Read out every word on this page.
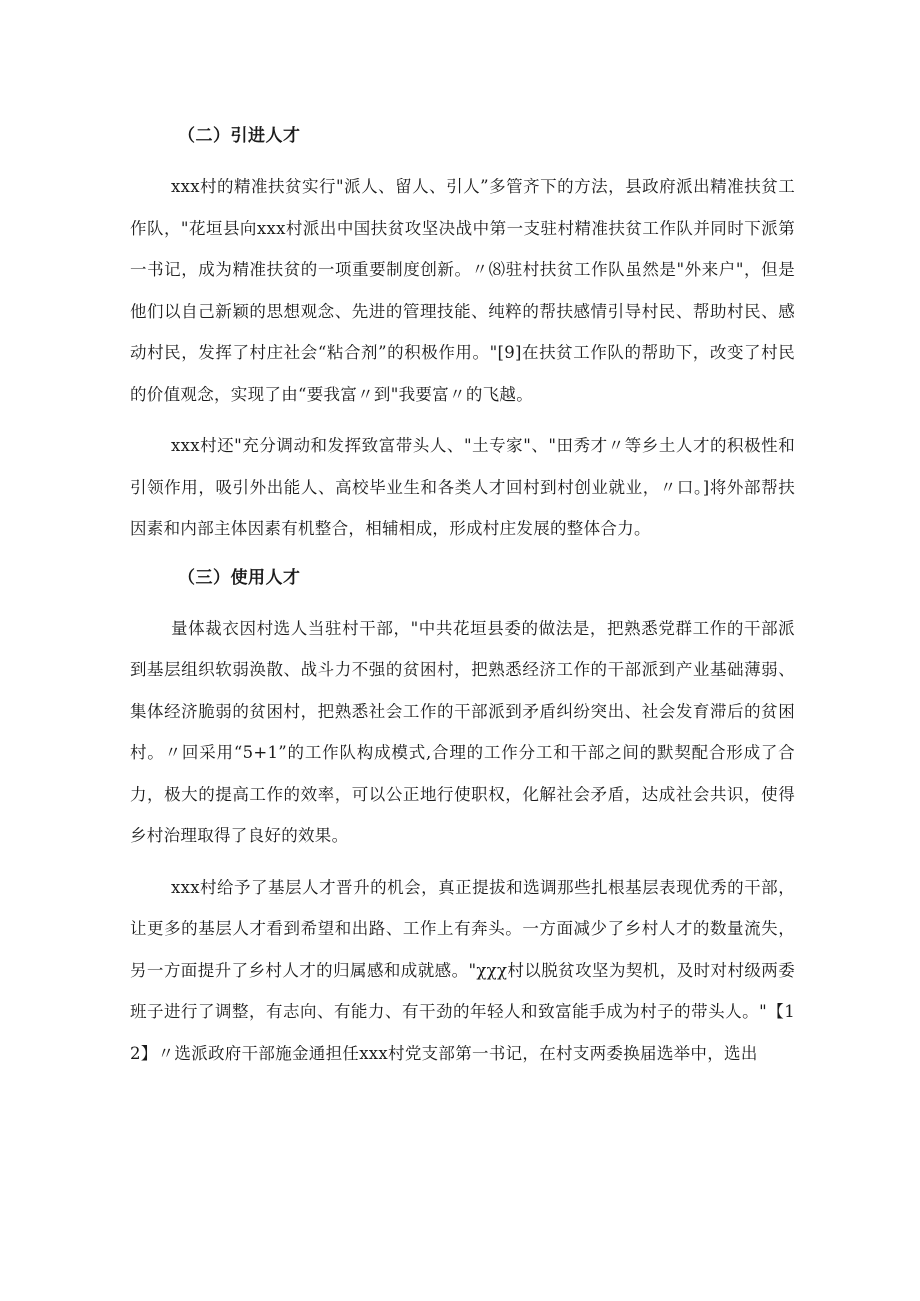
（二）引进人才

xxx村的精准扶贫实行"派人、留人、引人”多管齐下的方法，县政府派出精准扶贫工作队，"花垣县向xxx村派出中国扶贫攻坚决战中第一支驻村精准扶贫工作队并同时下派第一书记，成为精准扶贫的一项重要制度创新。〃⑻驻村扶贫工作队虽然是"外来户"，但是他们以自己新颖的思想观念、先进的管理技能、纯粹的帮扶感情引导村民、帮助村民、感动村民，发挥了村庄社会“粘合剂”的积极作用。"[9]在扶贫工作队的帮助下，改变了村民的价值观念，实现了由“要我富〃到"我要富〃的飞越。

xxx村还"充分调动和发挥致富带头人、"土专家"、"田秀才〃等乡土人才的积极性和引领作用，吸引外出能人、高校毕业生和各类人才回村到村创业就业，〃口。]将外部帮扶因素和内部主体因素有机整合，相辅相成，形成村庄发展的整体合力。

（三）使用人才

量体裁衣因村选人当驻村干部，"中共花垣县委的做法是，把熟悉党群工作的干部派到基层组织软弱涣散、战斗力不强的贫困村，把熟悉经济工作的干部派到产业基础薄弱、集体经济脆弱的贫困村，把熟悉社会工作的干部派到矛盾纠纷突出、社会发育滞后的贫困村。〃回采用“5+1”的工作队构成模式,合理的工作分工和干部之间的默契配合形成了合力，极大的提高工作的效率，可以公正地行使职权，化解社会矛盾，达成社会共识，使得乡村治理取得了良好的效果。

xxx村给予了基层人才晋升的机会，真正提拔和选调那些扎根基层表现优秀的干部，让更多的基层人才看到希望和出路、工作上有奔头。一方面减少了乡村人才的数量流失，另一方面提升了乡村人才的归属感和成就感。"χχχ村以脱贫攻坚为契机，及时对村级两委班子进行了调整，有志向、有能力、有干劲的年轻人和致富能手成为村子的带头人。"【12】〃选派政府干部施金通担任xxx村党支部第一书记，在村支两委换届选举中，选出
